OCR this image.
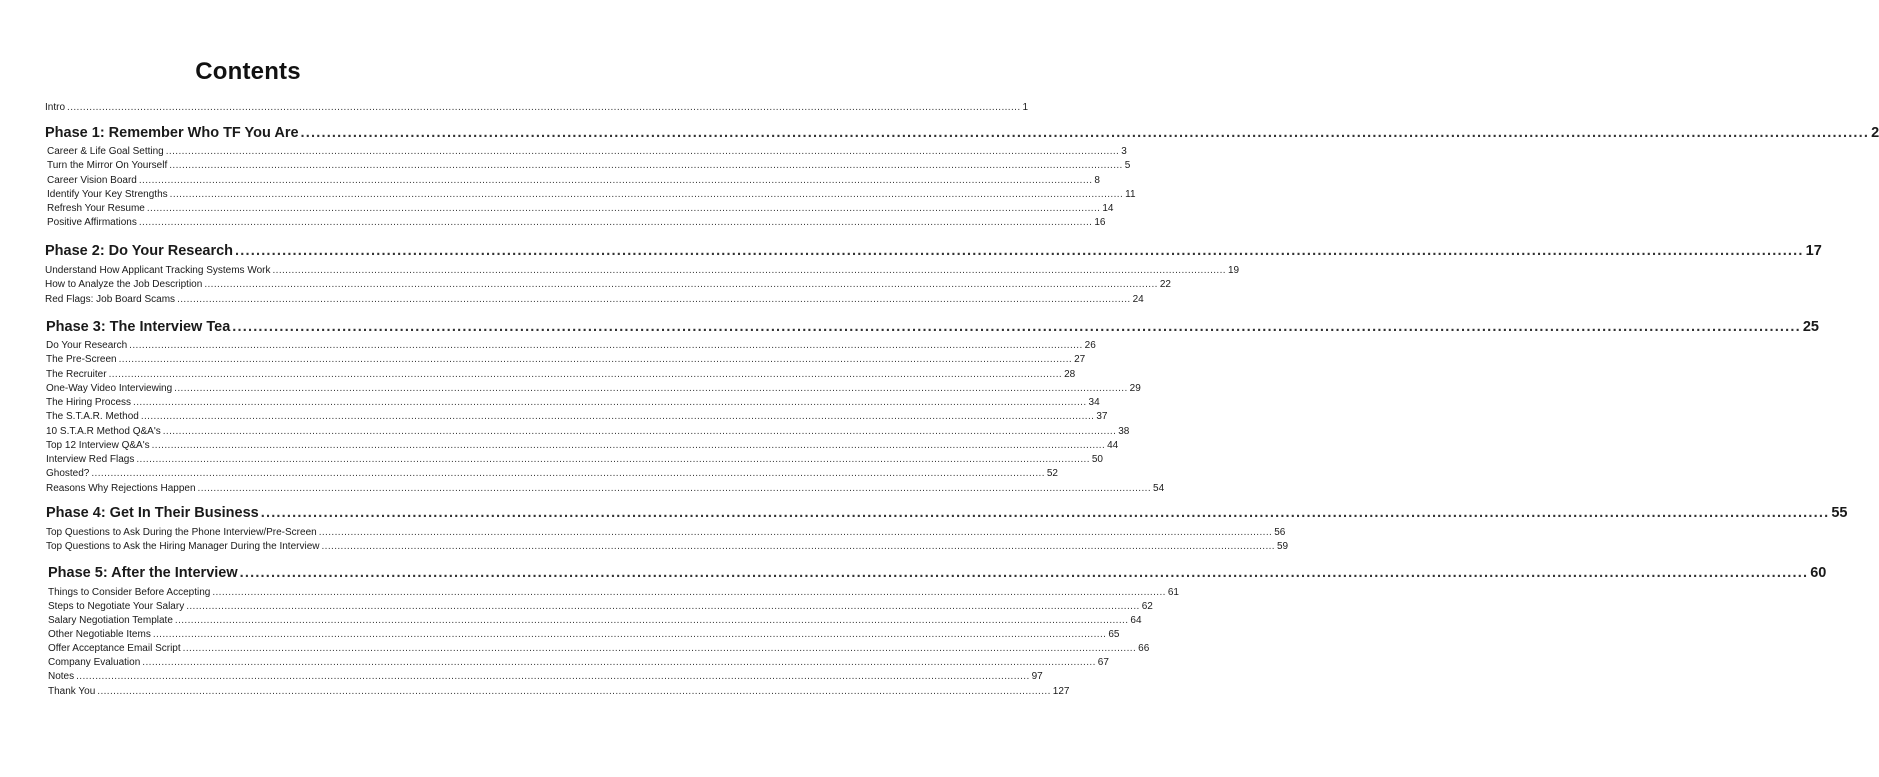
Contents
Intro ............................................................................................................................................................................................................................................................................................................ 1
Phase 1: Remember Who TF You Are ............................................................................................................................................................................................................................................................................................................ 2
Career & Life Goal Setting ............................................................................................................................................................................................................................................................................................................ 3
Turn the Mirror On Yourself ............................................................................................................................................................................................................................................................................................................ 5
Career Vision Board ............................................................................................................................................................................................................................................................................................................ 8
Identify Your Key Strengths ............................................................................................................................................................................................................................................................................................................ 11
Refresh Your Resume ............................................................................................................................................................................................................................................................................................................ 14
Positive Affirmations ............................................................................................................................................................................................................................................................................................................ 16
Phase 2: Do Your Research ............................................................................................................................................................................................................................................................................................................ 17
Understand How Applicant Tracking Systems Work ............................................................................................................................................................................................................................................................................................................ 19
How to Analyze the Job Description ............................................................................................................................................................................................................................................................................................................ 22
Red Flags: Job Board Scams ............................................................................................................................................................................................................................................................................................................ 24
Phase 3: The Interview Tea ............................................................................................................................................................................................................................................................................................................ 25
Do Your Research ............................................................................................................................................................................................................................................................................................................ 26
The Pre-Screen ............................................................................................................................................................................................................................................................................................................ 27
The Recruiter ............................................................................................................................................................................................................................................................................................................ 28
One-Way Video Interviewing ............................................................................................................................................................................................................................................................................................................ 29
The Hiring Process ............................................................................................................................................................................................................................................................................................................ 34
The S.T.A.R. Method ............................................................................................................................................................................................................................................................................................................ 37
10 S.T.A.R Method Q&A's ............................................................................................................................................................................................................................................................................................................ 38
Top 12 Interview Q&A's ............................................................................................................................................................................................................................................................................................................ 44
Interview Red Flags ............................................................................................................................................................................................................................................................................................................ 50
Ghosted? ............................................................................................................................................................................................................................................................................................................ 52
Reasons Why Rejections Happen ............................................................................................................................................................................................................................................................................................................ 54
Phase 4: Get In Their Business ............................................................................................................................................................................................................................................................................................................ 55
Top Questions to Ask During the Phone Interview/Pre-Screen ............................................................................................................................................................................................................................................................................................................ 56
Top Questions to Ask the Hiring Manager During the Interview ............................................................................................................................................................................................................................................................................................................ 59
Phase 5: After the Interview ............................................................................................................................................................................................................................................................................................................ 60
Things to Consider Before Accepting ............................................................................................................................................................................................................................................................................................................ 61
Steps to Negotiate Your Salary ............................................................................................................................................................................................................................................................................................................ 62
Salary Negotiation Template ............................................................................................................................................................................................................................................................................................................ 64
Other Negotiable Items ............................................................................................................................................................................................................................................................................................................ 65
Offer Acceptance Email Script ............................................................................................................................................................................................................................................................................................................ 66
Company Evaluation ............................................................................................................................................................................................................................................................................................................ 67
Notes ............................................................................................................................................................................................................................................................................................................ 97
Thank You ............................................................................................................................................................................................................................................................................................................ 127
